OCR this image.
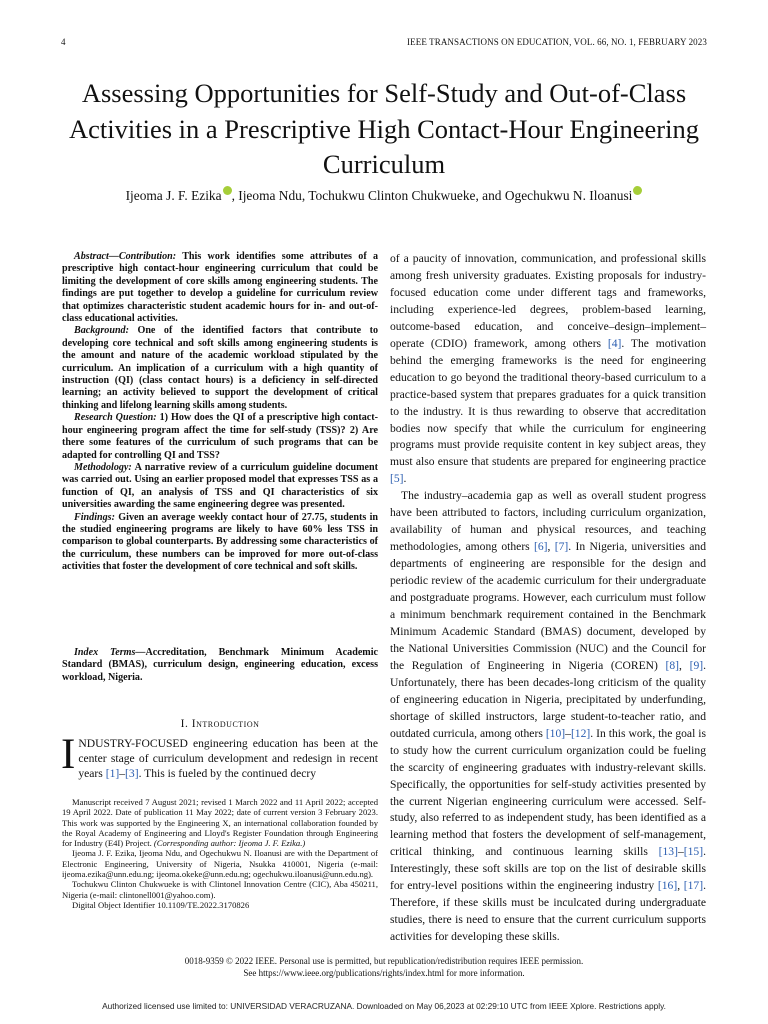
4	IEEE TRANSACTIONS ON EDUCATION, VOL. 66, NO. 1, FEBRUARY 2023
Assessing Opportunities for Self-Study and Out-of-Class Activities in a Prescriptive High Contact-Hour Engineering Curriculum
Ijeoma J. F. Ezika , Ijeoma Ndu, Tochukwu Clinton Chukwueke, and Ogechukwu N. Iloanusi

Abstract—Contribution: This work identifies some attributes of a prescriptive high contact-hour engineering curriculum that could be limiting the development of core skills among engineering students. The findings are put together to develop a guideline for curriculum review that optimizes characteristic student academic hours for in- and out-of-class educational activities.

Background: One of the identified factors that contribute to developing core technical and soft skills among engineering students is the amount and nature of the academic workload stipulated by the curriculum. An implication of a curriculum with a high quantity of instruction (QI) (class contact hours) is a deficiency in self-directed learning; an activity believed to support the development of critical thinking and lifelong learning skills among students.

Research Question: 1) How does the QI of a prescriptive high contact-hour engineering program affect the time for self-study (TSS)? 2) Are there some features of the curriculum of such programs that can be adapted for controlling QI and TSS?

Methodology: A narrative review of a curriculum guideline document was carried out. Using an earlier proposed model that expresses TSS as a function of QI, an analysis of TSS and QI characteristics of six universities awarding the same engineering degree was presented.

Findings: Given an average weekly contact hour of 27.75, students in the studied engineering programs are likely to have 60% less TSS in comparison to global counterparts. By addressing some characteristics of the curriculum, these numbers can be improved for more out-of-class activities that foster the development of core technical and soft skills.

Index Terms—Accreditation, Benchmark Minimum Academic Standard (BMAS), curriculum design, engineering education, excess workload, Nigeria.
I. Introduction
INDUSTRY-FOCUSED engineering education has been at the center stage of curriculum development and redesign in recent years [1]–[3]. This is fueled by the continued decry

Manuscript received 7 August 2021; revised 1 March 2022 and 11 April 2022; accepted 19 April 2022. Date of publication 11 May 2022; date of current version 3 February 2023. This work was supported by the Engineering X, an international collaboration founded by the Royal Academy of Engineering and Lloyd's Register Foundation through Engineering for Industry (E4I) Project. (Corresponding author: Ijeoma J. F. Ezika.)

Ijeoma J. F. Ezika, Ijeoma Ndu, and Ogechukwu N. Iloanusi are with the Department of Electronic Engineering, University of Nigeria, Nsukka 410001, Nigeria (e-mail: ijeoma.ezika@unn.edu.ng; ijeoma.okeke@unn.edu.ng; ogechukwu.iloanusi@unn.edu.ng).

Tochukwu Clinton Chukwueke is with Clintonel Innovation Centre (CIC), Aba 450211, Nigeria (e-mail: clintonell001@yahoo.com).

Digital Object Identifier 10.1109/TE.2022.3170826

of a paucity of innovation, communication, and professional skills among fresh university graduates. Existing proposals for industry-focused education come under different tags and frameworks, including experience-led degrees, problem-based learning, outcome-based education, and conceive–design–implement–operate (CDIO) framework, among others [4]. The motivation behind the emerging frameworks is the need for engineering education to go beyond the traditional theory-based curriculum to a practice-based system that prepares graduates for a quick transition to the industry. It is thus rewarding to observe that accreditation bodies now specify that while the curriculum for engineering programs must provide requisite content in key subject areas, they must also ensure that students are prepared for engineering practice [5].

The industry–academia gap as well as overall student progress have been attributed to factors, including curriculum organization, availability of human and physical resources, and teaching methodologies, among others [6], [7]. In Nigeria, universities and departments of engineering are responsible for the design and periodic review of the academic curriculum for their undergraduate and postgraduate programs. However, each curriculum must follow a minimum benchmark requirement contained in the Benchmark Minimum Academic Standard (BMAS) document, developed by the National Universities Commission (NUC) and the Council for the Regulation of Engineering in Nigeria (COREN) [8], [9]. Unfortunately, there has been decades-long criticism of the quality of engineering education in Nigeria, precipitated by underfunding, shortage of skilled instructors, large student-to-teacher ratio, and outdated curricula, among others [10]–[12]. In this work, the goal is to study how the current curriculum organization could be fueling the scarcity of engineering graduates with industry-relevant skills. Specifically, the opportunities for self-study activities presented by the current Nigerian engineering curriculum were accessed. Self-study, also referred to as independent study, has been identified as a learning method that fosters the development of self-management, critical thinking, and continuous learning skills [13]–[15]. Interestingly, these soft skills are top on the list of desirable skills for entry-level positions within the engineering industry [16], [17]. Therefore, if these skills must be inculcated during undergraduate studies, there is need to ensure that the current curriculum supports activities for developing these skills.

0018-9359 © 2022 IEEE. Personal use is permitted, but republication/redistribution requires IEEE permission.
See https://www.ieee.org/publications/rights/index.html for more information.
Authorized licensed use limited to: UNIVERSIDAD VERACRUZANA. Downloaded on May 06,2023 at 02:29:10 UTC from IEEE Xplore. Restrictions apply.
